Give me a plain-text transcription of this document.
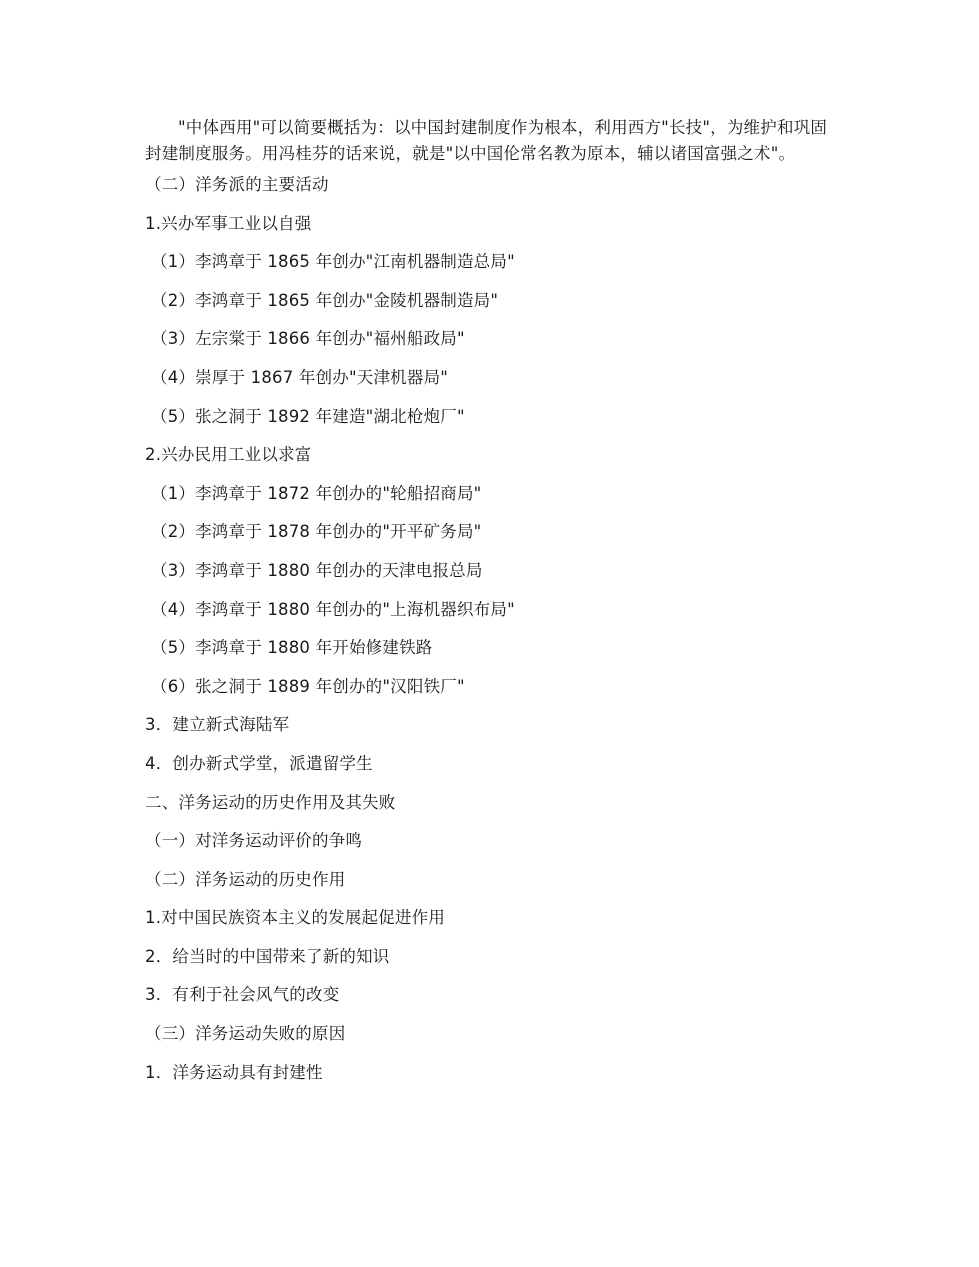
"中体西用"可以简要概括为：以中国封建制度作为根本，利用西方"长技"，为维护和巩固封建制度服务。用冯桂芬的话来说，就是"以中国伦常名教为原本，辅以诸国富强之术"。

（二）洋务派的主要活动
1.兴办军事工业以自强
（1）李鸿章于 1865 年创办"江南机器制造总局"
（2）李鸿章于 1865 年创办"金陵机器制造局"
（3）左宗棠于 1866 年创办"福州船政局"
（4）崇厚于 1867 年创办"天津机器局"
（5）张之洞于 1892 年建造"湖北枪炮厂"
2.兴办民用工业以求富
（1）李鸿章于 1872 年创办的"轮船招商局"
（2）李鸿章于 1878 年创办的"开平矿务局"
（3）李鸿章于 1880 年创办的天津电报总局
（4）李鸿章于 1880 年创办的"上海机器织布局"
（5）李鸿章于 1880 年开始修建铁路
（6）张之洞于 1889 年创办的"汉阳铁厂"
3．建立新式海陆军
4．创办新式学堂，派遣留学生
二、洋务运动的历史作用及其失败
（一）对洋务运动评价的争鸣
（二）洋务运动的历史作用
1.对中国民族资本主义的发展起促进作用
2．给当时的中国带来了新的知识
3．有利于社会风气的改变
（三）洋务运动失败的原因
1．洋务运动具有封建性
